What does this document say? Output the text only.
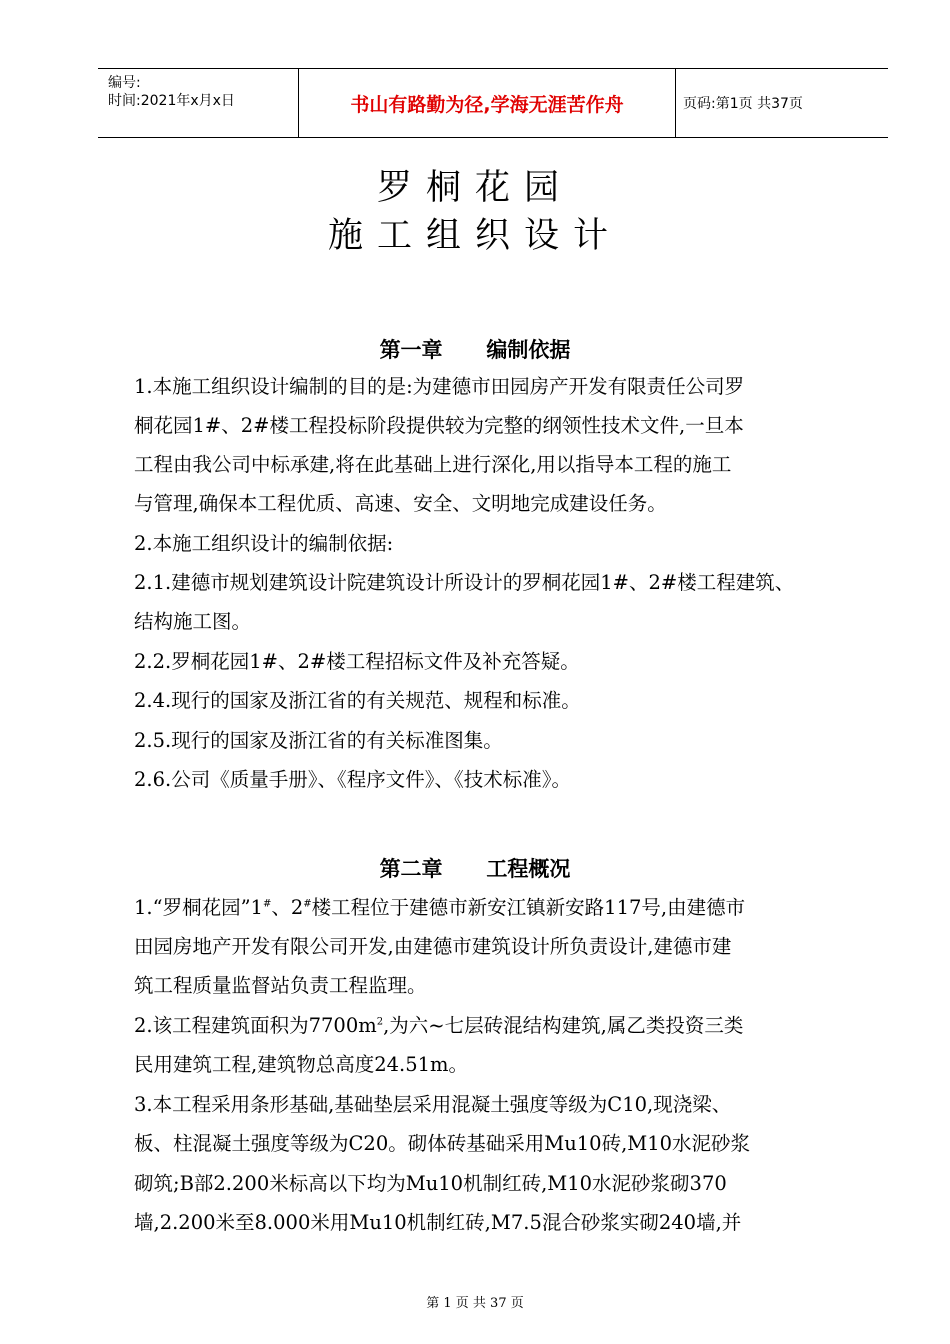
编号:
时间:2021年x月x日	书山有路勤为径,学海无涯苦作舟	页码:第1页 共37页
罗桐花园
施工组织设计
第一章      编制依据
1.本施工组织设计编制的目的是:为建德市田园房产开发有限责任公司罗
桐花园1#、2#楼工程投标阶段提供较为完整的纲领性技术文件,一旦本
工程由我公司中标承建,将在此基础上进行深化,用以指导本工程的施工
与管理,确保本工程优质、高速、安全、文明地完成建设任务。
2.本施工组织设计的编制依据:
2.1.建德市规划建筑设计院建筑设计所设计的罗桐花园1#、2#楼工程建筑、
结构施工图。
2.2.罗桐花园1#、2#楼工程招标文件及补充答疑。
2.4.现行的国家及浙江省的有关规范、规程和标准。
2.5.现行的国家及浙江省的有关标准图集。
2.6.公司《质量手册》、《程序文件》、《技术标准》。
第二章      工程概况
1.“罗桐花园”1#、2#楼工程位于建德市新安江镇新安路117号,由建德市
田园房地产开发有限公司开发,由建德市建筑设计所负责设计,建德市建
筑工程质量监督站负责工程监理。
2.该工程建筑面积为$7700m^2$,为六~七层砖混结构建筑,属乙类投资三类
民用建筑工程,建筑物总高度24.51m。
3.本工程采用条形基础,基础垫层采用混凝土强度等级为C10,现浇梁、
板、柱混凝土强度等级为C20。砌体砖基础采用Mu10砖,M10水泥砂浆
砌筑;B部2.200米标高以下均为Mu10机制红砖,M10水泥砂浆砌370
墙,2.200米至8.000米用Mu10机制红砖,M7.5混合砂浆实砌240墙,并
第 1 页 共 37 页
